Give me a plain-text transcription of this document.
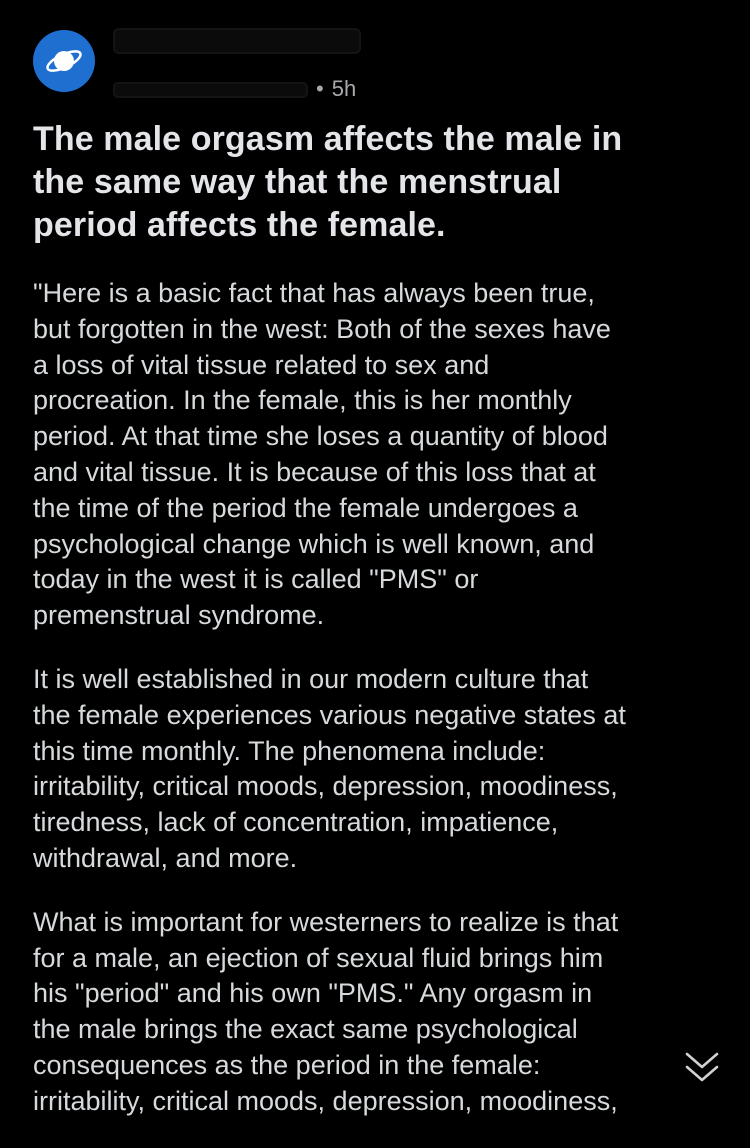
• 5h
The male orgasm affects the male in
the same way that the menstrual
period affects the female.

"Here is a basic fact that has always been true,
but forgotten in the west: Both of the sexes have
a loss of vital tissue related to sex and
procreation. In the female, this is her monthly
period. At that time she loses a quantity of blood
and vital tissue. It is because of this loss that at
the time of the period the female undergoes a
psychological change which is well known, and
today in the west it is called "PMS" or
premenstrual syndrome.

It is well established in our modern culture that
the female experiences various negative states at
this time monthly. The phenomena include:
irritability, critical moods, depression, moodiness,
tiredness, lack of concentration, impatience,
withdrawal, and more.

What is important for westerners to realize is that
for a male, an ejection of sexual fluid brings him
his "period" and his own "PMS." Any orgasm in
the male brings the exact same psychological
consequences as the period in the female:
irritability, critical moods, depression, moodiness,
